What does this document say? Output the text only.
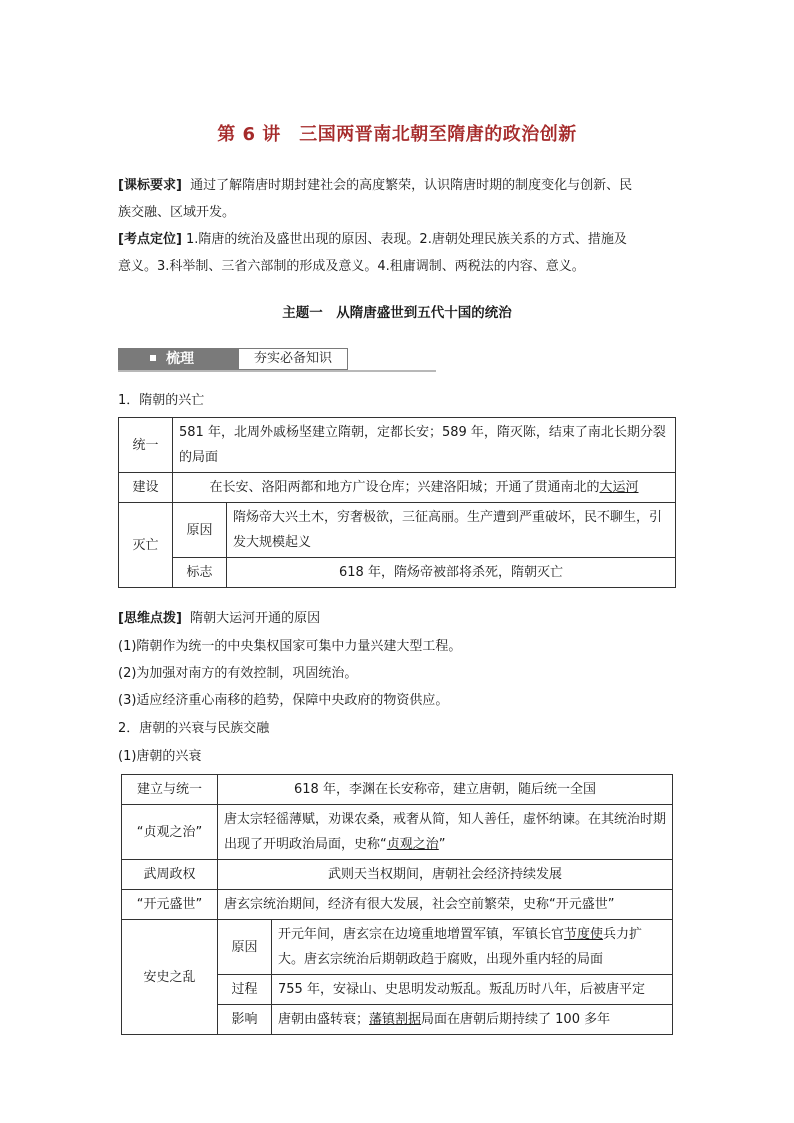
第 6 讲　三国两晋南北朝至隋唐的政治创新
[课标要求] 通过了解隋唐时期封建社会的高度繁荣，认识隋唐时期的制度变化与创新、民
族交融、区域开发。
[考点定位] 1.隋唐的统治及盛世出现的原因、表现。2.唐朝处理民族关系的方式、措施及
意义。3.科举制、三省六部制的形成及意义。4.租庸调制、两税法的内容、意义。
主题一　从隋唐盛世到五代十国的统治
梳理	夯实必备知识
1．隋朝的兴亡
统一	581 年，北周外戚杨坚建立隋朝，定都长安；589 年，隋灭陈，结束了南北长期分裂的局面	
建设	在长安、洛阳两都和地方广设仓库；兴建洛阳城；开通了贯通南北的大运河	
灭亡	原因	隋炀帝大兴土木，穷奢极欲，三征高丽。生产遭到严重破坏，民不聊生，引发大规模起义
	标志	618 年，隋炀帝被部将杀死，隋朝灭亡
[思维点拨] 隋朝大运河开通的原因
(1)隋朝作为统一的中央集权国家可集中力量兴建大型工程。
(2)为加强对南方的有效控制，巩固统治。
(3)适应经济重心南移的趋势，保障中央政府的物资供应。
2．唐朝的兴衰与民族交融
(1)唐朝的兴衰
建立与统一	618 年，李渊在长安称帝，建立唐朝，随后统一全国	
“贞观之治”	唐太宗轻徭薄赋，劝课农桑，戒奢从简，知人善任，虚怀纳谏。在其统治时期出现了开明政治局面，史称“贞观之治”	
武周政权	武则天当权期间，唐朝社会经济持续发展	
“开元盛世”	唐玄宗统治期间，经济有很大发展，社会空前繁荣，史称“开元盛世”	
安史之乱	原因	开元年间，唐玄宗在边境重地增置军镇，军镇长官节度使兵力扩大。唐玄宗统治后期朝政趋于腐败，出现外重内轻的局面
	过程	755 年，安禄山、史思明发动叛乱。叛乱历时八年，后被唐平定
	影响	唐朝由盛转衰；藩镇割据局面在唐朝后期持续了 100 多年
